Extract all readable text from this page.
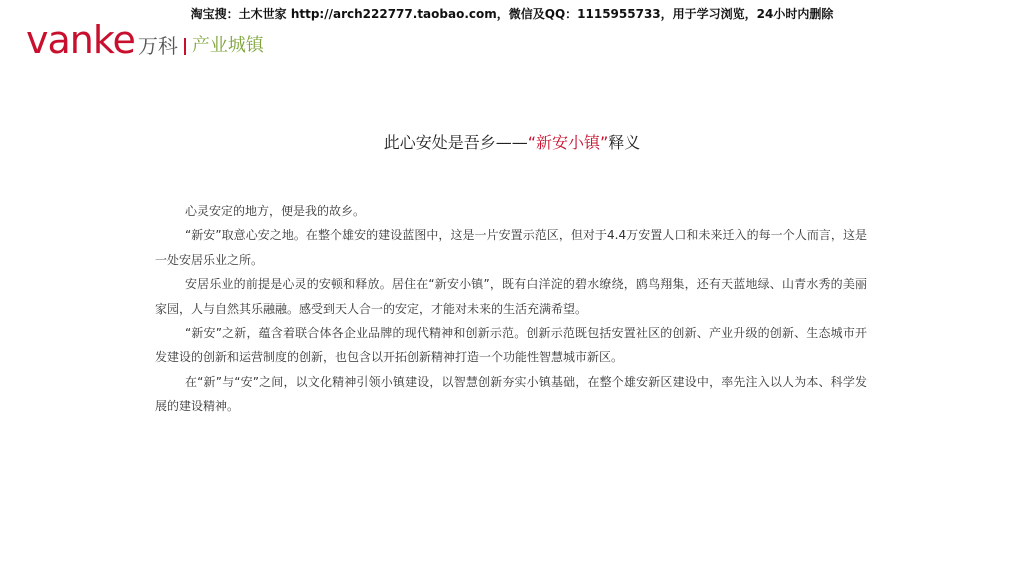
淘宝搜：土木世家 http://arch222777.taobao.com，微信及QQ：1115955733，用于学习浏览，24小时内删除
vanke 万科 产业城镇
此心安处是吾乡——“新安小镇”释义

心灵安定的地方，便是我的故乡。

“新安”取意心安之地。在整个雄安的建设蓝图中，这是一片安置示范区，但对于4.4万安置人口和未来迁入的每一个人而言，这是一处安居乐业之所。

安居乐业的前提是心灵的安顿和释放。居住在“新安小镇”，既有白洋淀的碧水缭绕，鸥鸟翔集，还有天蓝地绿、山青水秀的美丽家园，人与自然其乐融融。感受到天人合一的安定，才能对未来的生活充满希望。

“新安”之新，蕴含着联合体各企业品牌的现代精神和创新示范。创新示范既包括安置社区的创新、产业升级的创新、生态城市开发建设的创新和运营制度的创新，也包含以开拓创新精神打造一个功能性智慧城市新区。

在“新”与“安”之间，以文化精神引领小镇建设，以智慧创新夯实小镇基础，在整个雄安新区建设中，率先注入以人为本、科学发展的建设精神。
